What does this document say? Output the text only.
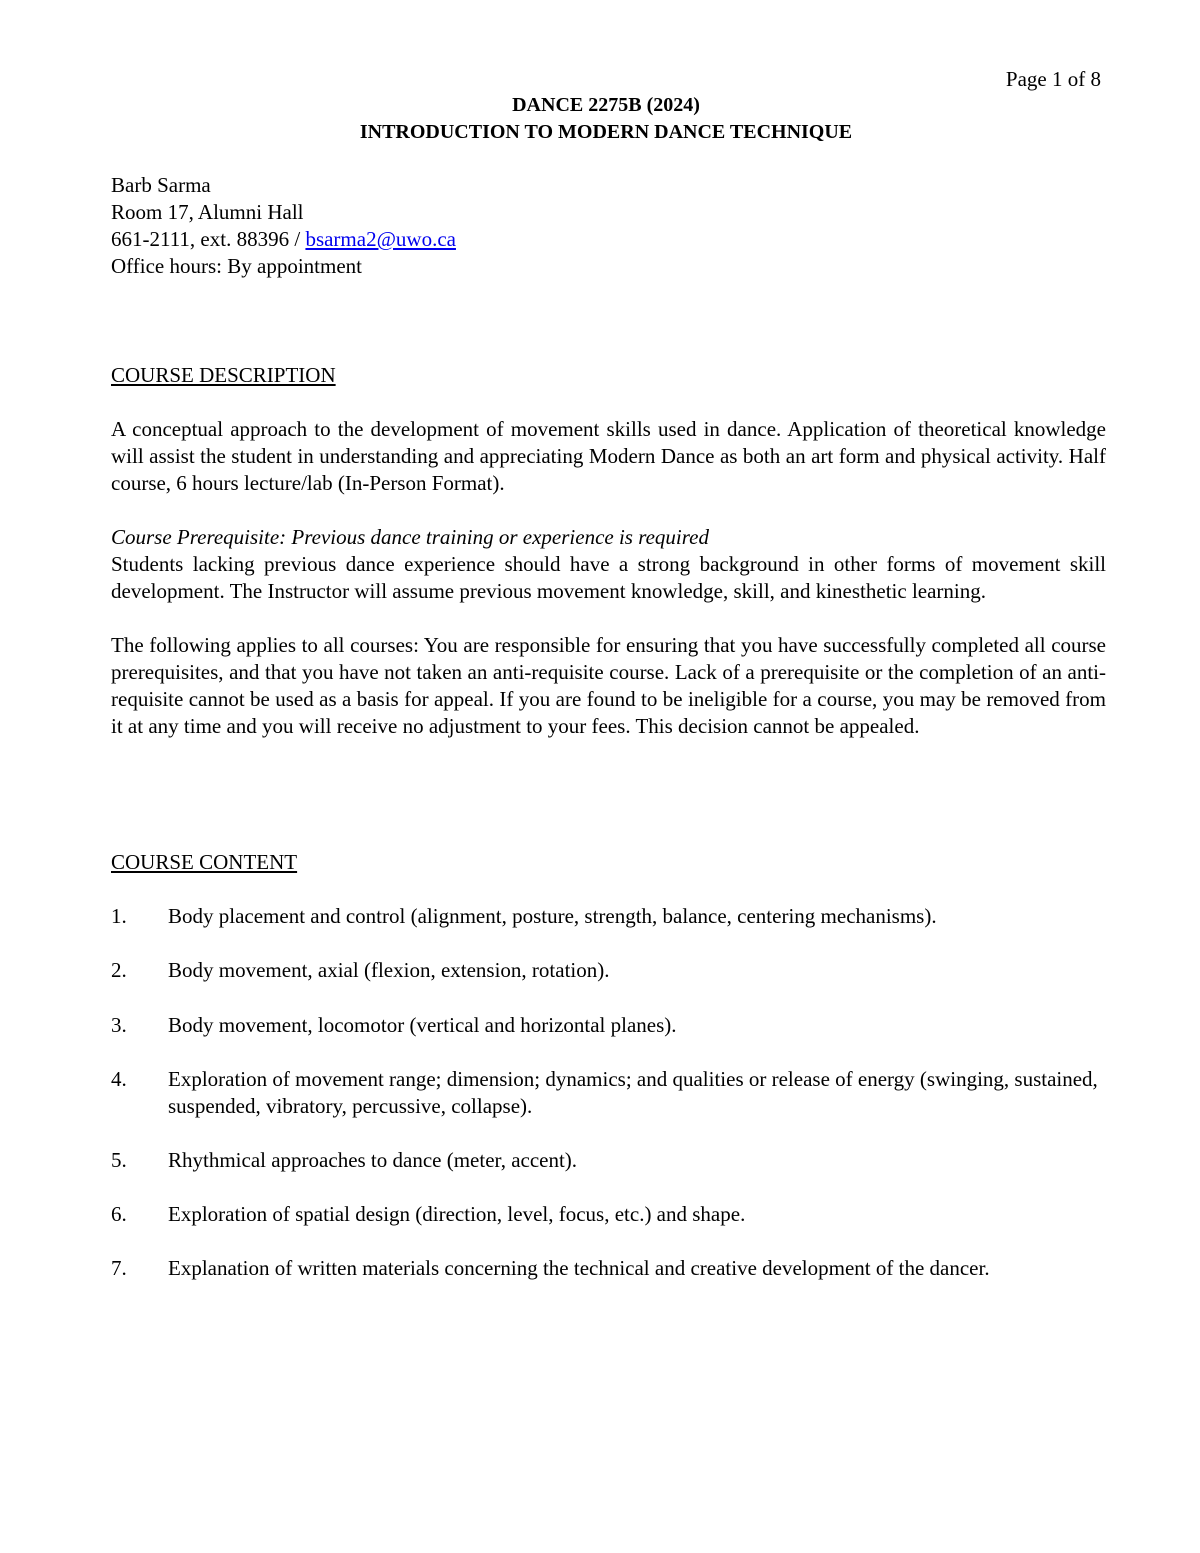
Page 1 of 8
DANCE 2275B (2024)
INTRODUCTION TO MODERN DANCE TECHNIQUE
Barb Sarma
Room 17, Alumni Hall
661-2111, ext. 88396 / bsarma2@uwo.ca
Office hours: By appointment
COURSE DESCRIPTION
A conceptual approach to the development of movement skills used in dance. Application of theoretical knowledge will assist the student in understanding and appreciating Modern Dance as both an art form and physical activity. Half course, 6 hours lecture/lab (In-Person Format).
Course Prerequisite: Previous dance training or experience is required
Students lacking previous dance experience should have a strong background in other forms of movement skill development. The Instructor will assume previous movement knowledge, skill, and kinesthetic learning.
The following applies to all courses: You are responsible for ensuring that you have successfully completed all course prerequisites, and that you have not taken an anti-requisite course. Lack of a prerequisite or the completion of an anti-requisite cannot be used as a basis for appeal. If you are found to be ineligible for a course, you may be removed from it at any time and you will receive no adjustment to your fees. This decision cannot be appealed.
COURSE CONTENT
1. Body placement and control (alignment, posture, strength, balance, centering mechanisms).
2. Body movement, axial (flexion, extension, rotation).
3. Body movement, locomotor (vertical and horizontal planes).
4. Exploration of movement range; dimension; dynamics; and qualities or release of energy (swinging, sustained, suspended, vibratory, percussive, collapse).
5. Rhythmical approaches to dance (meter, accent).
6. Exploration of spatial design (direction, level, focus, etc.) and shape.
7. Explanation of written materials concerning the technical and creative development of the dancer.
